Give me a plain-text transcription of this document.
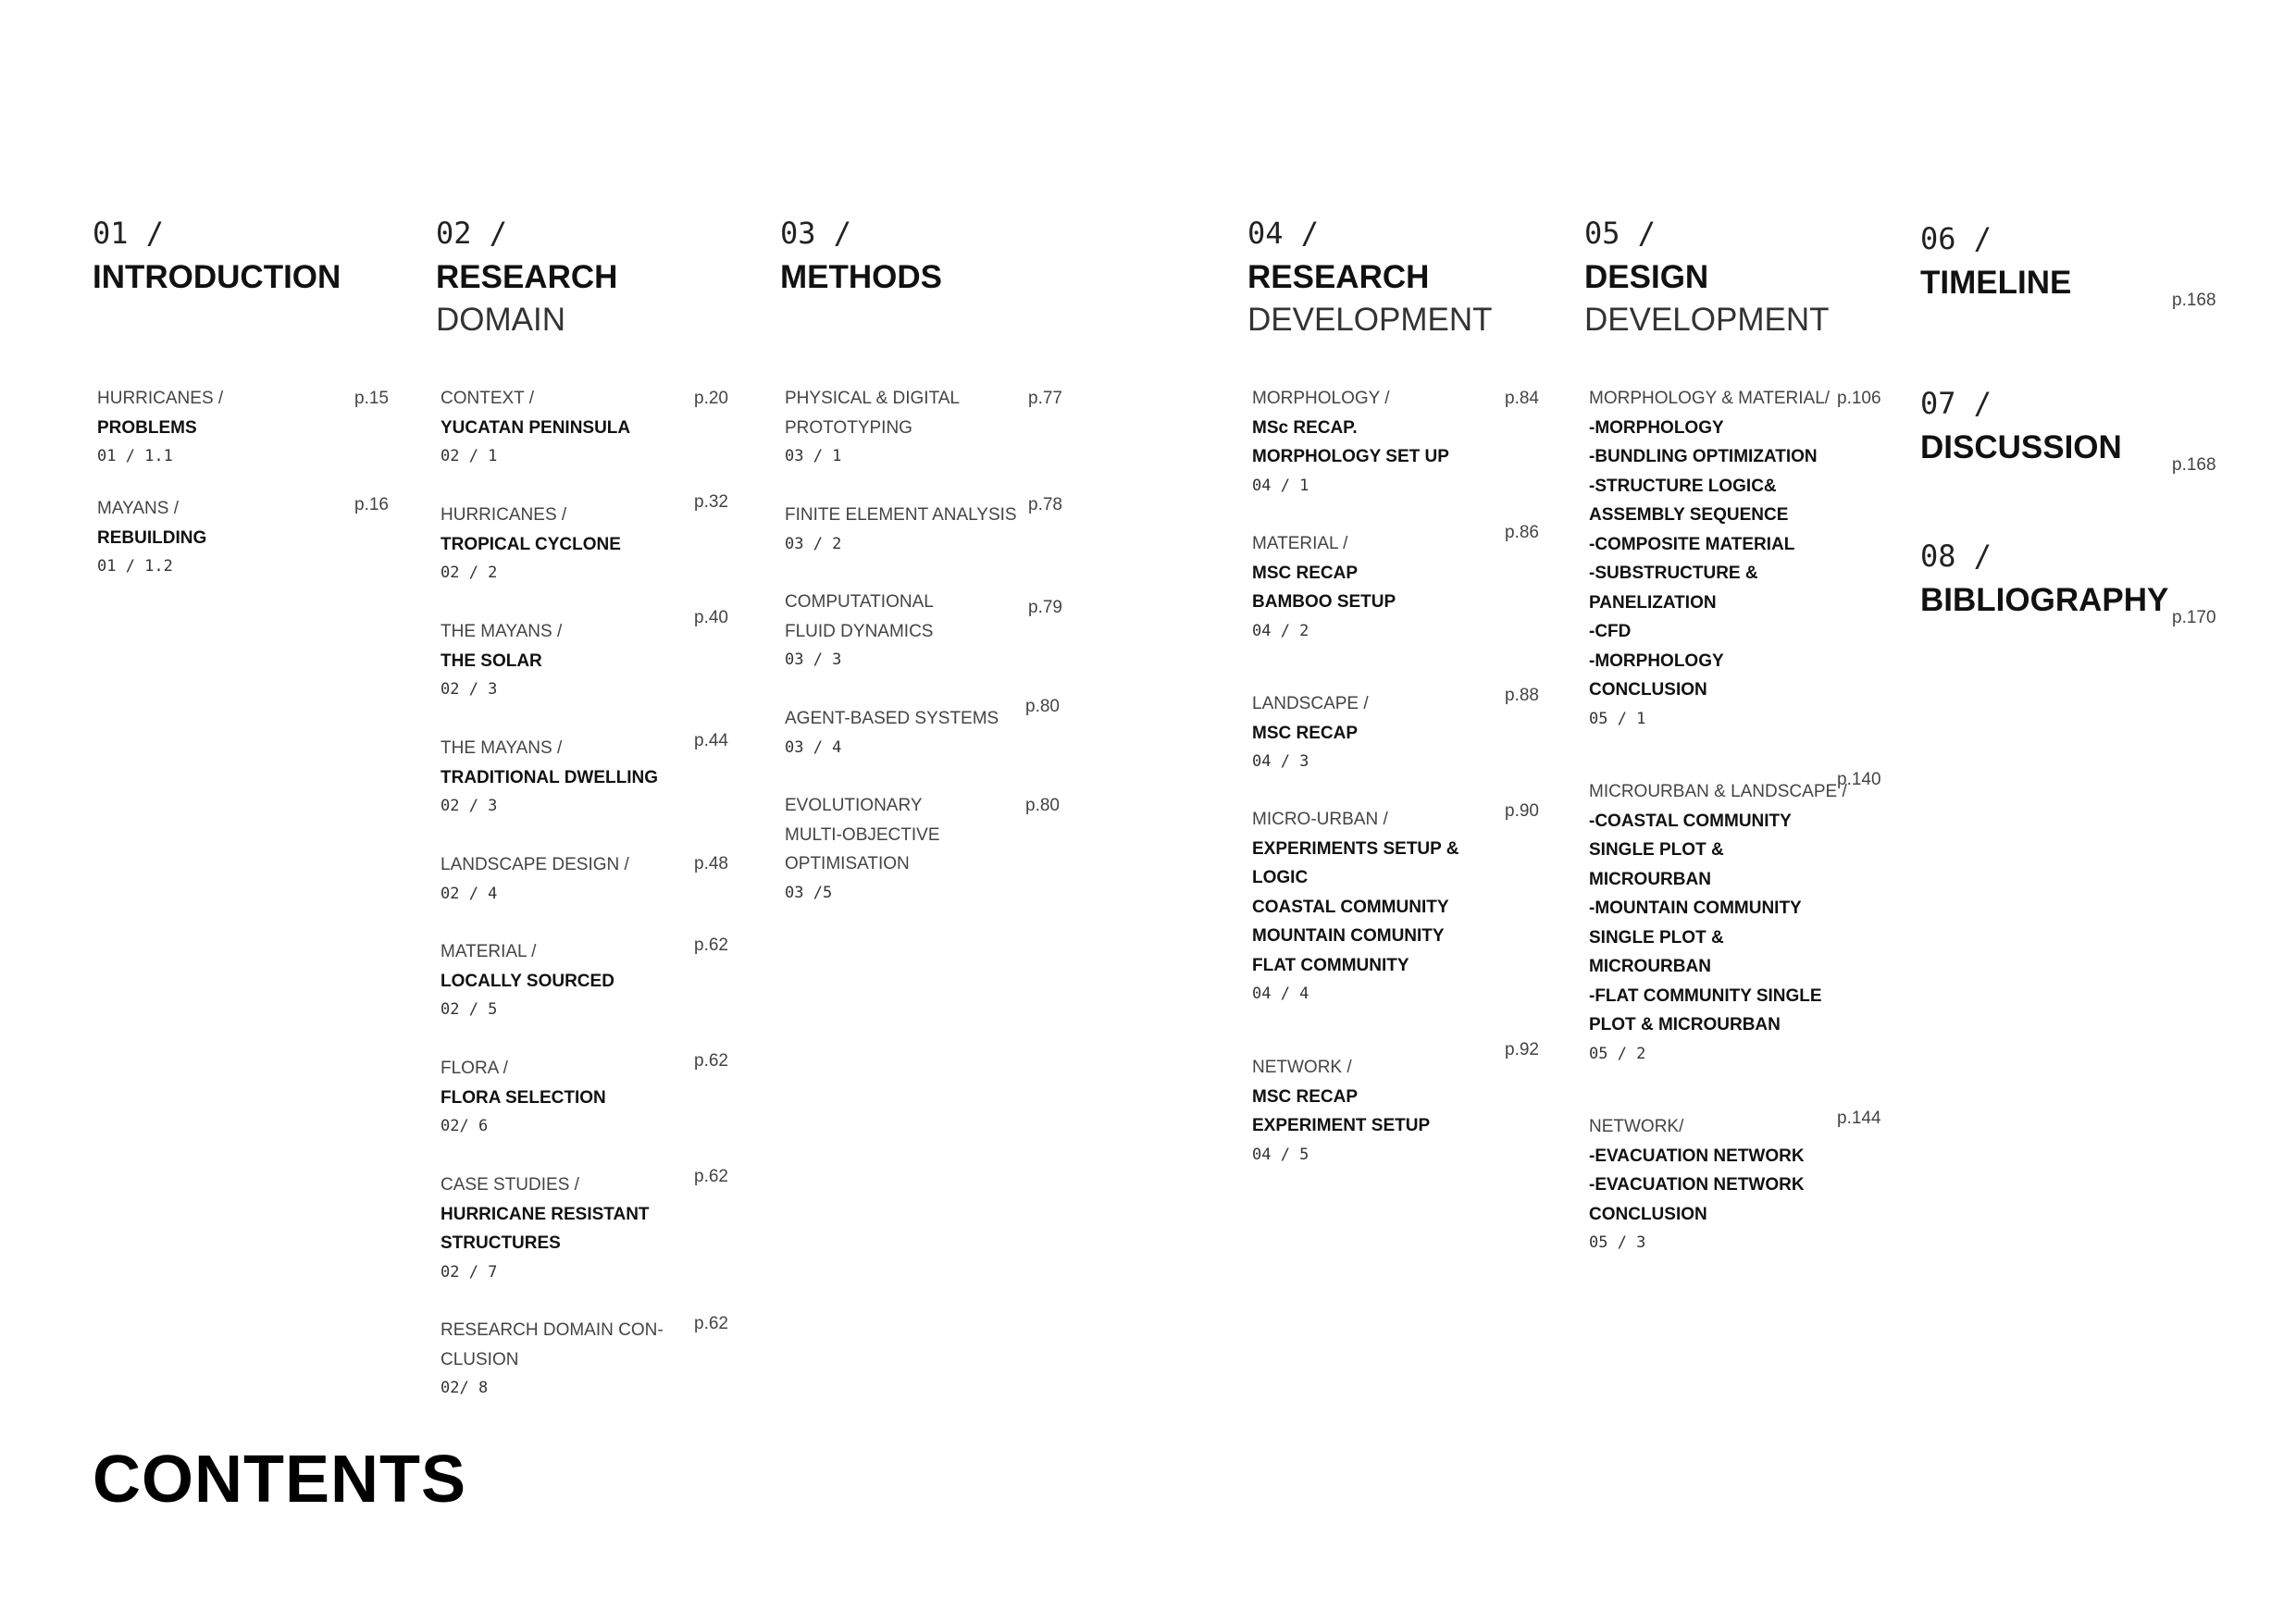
01 /
INTRODUCTION
HURRICANES /
PROBLEMS
01 / 1.1
p.15
MAYANS /
REBUILDING
01 / 1.2
p.16
02 /
RESEARCH
DOMAIN
CONTEXT /
YUCATAN PENINSULA
02 / 1
p.20
HURRICANES /
TROPICAL CYCLONE
02 / 2
p.32
THE MAYANS /
THE SOLAR
02 / 3
p.40
THE MAYANS /
TRADITIONAL DWELLING
02 / 3
p.44
LANDSCAPE DESIGN /
02 / 4
p.48
MATERIAL /
LOCALLY SOURCED
02 / 5
p.62
FLORA /
FLORA SELECTION
02/ 6
p.62
CASE STUDIES /
HURRICANE RESISTANT
STRUCTURES
02 / 7
p.62
RESEARCH DOMAIN CON-
CLUSION
02/ 8
p.62
03 /
METHODS
PHYSICAL & DIGITAL
PROTOTYPING
03 / 1
p.77
FINITE ELEMENT ANALYSIS
03 / 2
p.78
COMPUTATIONAL
FLUID DYNAMICS
03 / 3
p.79
AGENT-BASED SYSTEMS
03 / 4
p.80
EVOLUTIONARY
MULTI-OBJECTIVE
OPTIMISATION
03 /5
p.80
04 /
RESEARCH
DEVELOPMENT
MORPHOLOGY /
MSc RECAP.
MORPHOLOGY SET UP
04 / 1
p.84
MATERIAL /
MSC RECAP
BAMBOO SETUP
04 / 2
p.86
LANDSCAPE /
MSC RECAP
04 / 3
p.88
MICRO-URBAN /
EXPERIMENTS SETUP &
LOGIC
COASTAL COMMUNITY
MOUNTAIN COMUNITY
FLAT COMMUNITY
04 / 4
p.90
NETWORK /
MSC RECAP
EXPERIMENT SETUP
04 / 5
p.92
05 /
DESIGN
DEVELOPMENT
MORPHOLOGY & MATERIAL/
-MORPHOLOGY
-BUNDLING OPTIMIZATION
-STRUCTURE LOGIC&
ASSEMBLY SEQUENCE
-COMPOSITE MATERIAL
-SUBSTRUCTURE &
PANELIZATION
-CFD
-MORPHOLOGY
CONCLUSION
05 / 1
p.106
MICROURBAN & LANDSCAPE /
-COASTAL COMMUNITY
SINGLE PLOT &
MICROURBAN
-MOUNTAIN COMMUNITY
SINGLE PLOT &
MICROURBAN
-FLAT COMMUNITY SINGLE
PLOT & MICROURBAN
05 / 2
p.140
NETWORK/
-EVACUATION NETWORK
-EVACUATION NETWORK
CONCLUSION
05 / 3
p.144
06 /
TIMELINE	p.168
07 /
DISCUSSION	p.168
08 /
BIBLIOGRAPHY p.170
CONTENTS
